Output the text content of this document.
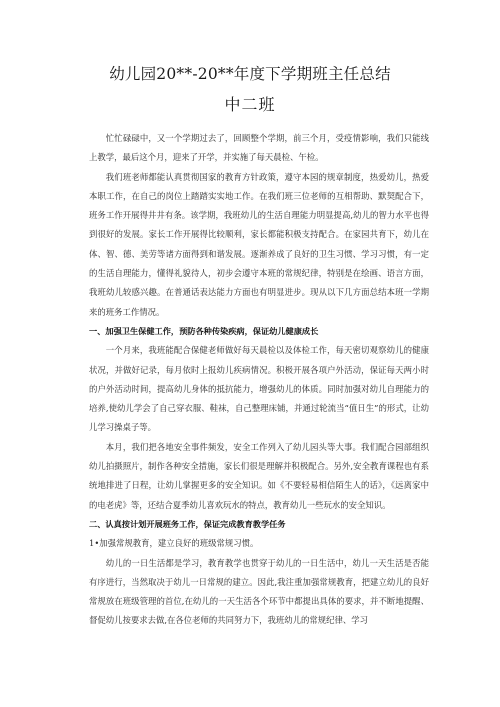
幼儿园20**-20**年度下学期班主任总结
中二班

忙忙碌碌中，又一个学期过去了，回顾整个学期，前三个月，受疫情影响，我们只能线上教学，最后这个月，迎来了开学，并实施了每天晨检、午检。

我们班老师都能认真贯彻国家的教育方针政策，遵守本园的规章制度，热爱幼儿，热爱本职工作，在自己的岗位上踏踏实实地工作。在我们班三位老师的互相帮助、默契配合下，班务工作开展得井井有条。该学期，我班幼儿的生活自理能力明显提高,幼儿的智力水平也得到很好的发展。家长工作开展得比较顺利，家长都能积极支持配合。在家园共育下，幼儿在体、智、德、美劳等诸方面得到和谐发展。逐渐养成了良好的卫生习惯、学习习惯，有一定的生活自理能力，懂得礼貌待人，初步会遵守本班的常规纪律，特别是在绘画、语言方面，我班幼儿较感兴趣。在普通话表达能力方面也有明显进步。现从以下几方面总结本班一学期来的班务工作情况。

一、加强卫生保健工作，预防各种传染疾病，保证幼儿健康成长

一个月来，我班能配合保健老师做好每天晨检以及体检工作，每天密切观察幼儿的健康状况，并做好记录，每月依时上报幼儿疾病情况。积极开展各项户外活动，保证每天两小时的户外活动时间，提高幼儿身体的抵抗能力，增强幼儿的体质。同时加强对幼儿自理能力的培养,使幼儿学会了自己穿衣服、鞋袜，自己整理床铺，并通过轮流当“值日生”的形式，让幼儿学习操桌子等。

本月，我们把各地安全事件频发，安全工作列入了幼儿园头等大事。我们配合园部组织幼儿拍摄照片，制作各种安全措施，家长们很是理解并积极配合。另外,安全教育课程也有系统地排进了日程，让幼儿掌握更多的安全知识。如《不要轻易相信陌生人的话》，《远离家中的电老虎》等，还结合夏季幼儿喜欢玩水的特点，教育幼儿一些玩水的安全知识。

二、认真按计划开展班务工作，保证完成教育教学任务

1•加强常规教育，建立良好的班级常规习惯。

幼儿的一日生活都是学习，教育教学也贯穿于幼儿的一日生活中，幼儿一天生活是否能有序进行，当然取决于幼儿一日常规的建立。因此,我注重加强常规教育，把建立幼儿的良好常规放在班级管理的首位,在幼儿的一天生活各个环节中都提出具体的要求，并不断地提醒、督促幼儿按要求去做,在各位老师的共同努力下，我班幼儿的常规纪律、学习
